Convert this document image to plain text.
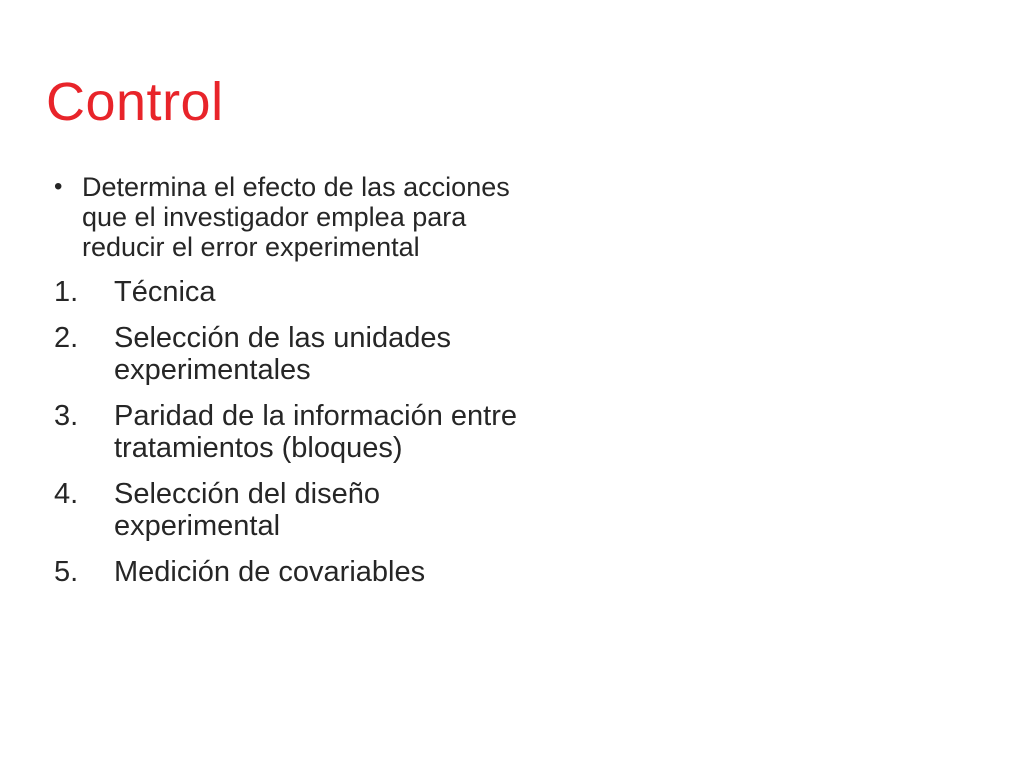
Control
• Determina el efecto de las acciones que el investigador emplea para reducir el error experimental
1.	Técnica
2.	Selección de las unidades experimentales
3.	Paridad de la información entre tratamientos (bloques)
4.	Selección del diseño experimental
5.	Medición de covariables
